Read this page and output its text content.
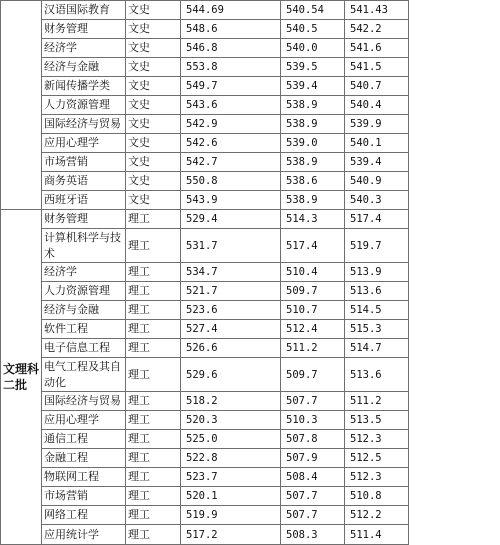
	汉语国际教育	文史	544.69	540.54	541.43
	财务管理	文史	548.6	540.5	542.2
	经济学	文史	546.8	540.0	541.6
	经济与金融	文史	553.8	539.5	541.5
	新闻传播学类	文史	549.7	539.4	540.7
	人力资源管理	文史	543.6	538.9	540.4
	国际经济与贸易	文史	542.9	538.9	539.9
	应用心理学	文史	542.6	539.0	540.1
	市场营销	文史	542.7	538.9	539.4
	商务英语	文史	550.8	538.6	540.9
	西班牙语	文史	543.9	538.9	540.3
文理科二批	财务管理	理工	529.4	514.3	517.4
	计算机科学与技术	理工	531.7	517.4	519.7
	经济学	理工	534.7	510.4	513.9
	人力资源管理	理工	521.7	509.7	513.6
	经济与金融	理工	523.6	510.7	514.5
	软件工程	理工	527.4	512.4	515.3
	电子信息工程	理工	526.6	511.2	514.7
	电气工程及其自动化	理工	529.6	509.7	513.6
	国际经济与贸易	理工	518.2	507.7	511.2
	应用心理学	理工	520.3	510.3	513.5
	通信工程	理工	525.0	507.8	512.3
	金融工程	理工	522.8	507.9	512.5
	物联网工程	理工	523.7	508.4	512.3
	市场营销	理工	520.1	507.7	510.8
	网络工程	理工	519.9	507.7	512.2
	应用统计学	理工	517.2	508.3	511.4
